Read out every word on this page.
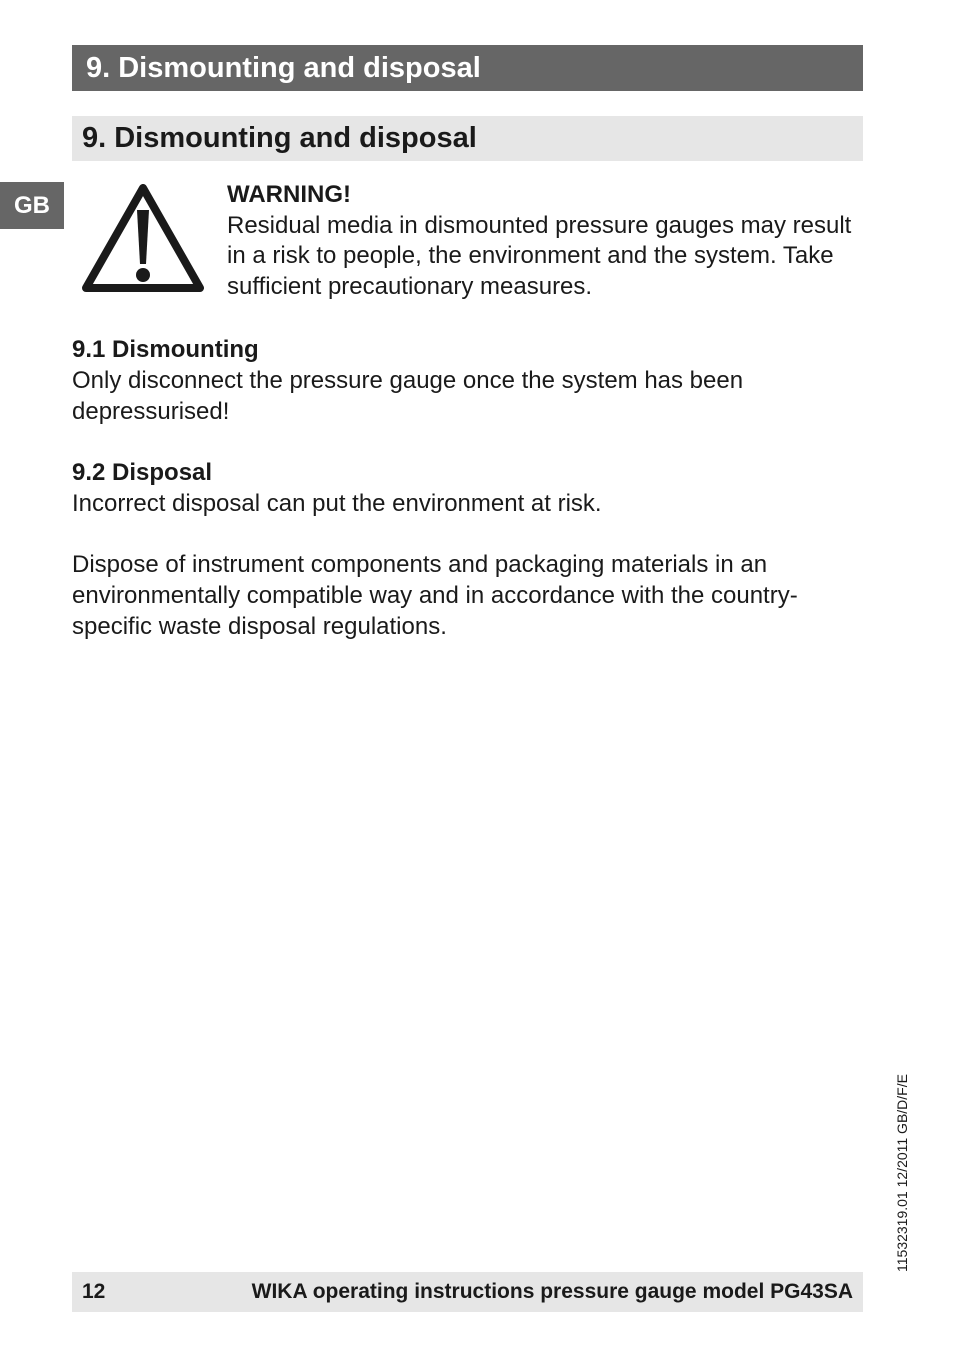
9. Dismounting and disposal
9. Dismounting and disposal
GB	WARNING!
Residual media in dismounted pressure gauges may result in a risk to people, the environment and the system. Take sufficient precautionary measures.
9.1 Dismounting
Only disconnect the pressure gauge once the system has been depressurised!
9.2 Disposal
Incorrect disposal can put the environment at risk.
Dispose of instrument components and packaging materials in an environmentally compatible way and in accordance with the country-specific waste disposal regulations.
12	WIKA operating instructions pressure gauge model PG43SA
11532319.01 12/2011 GB/D/F/E
